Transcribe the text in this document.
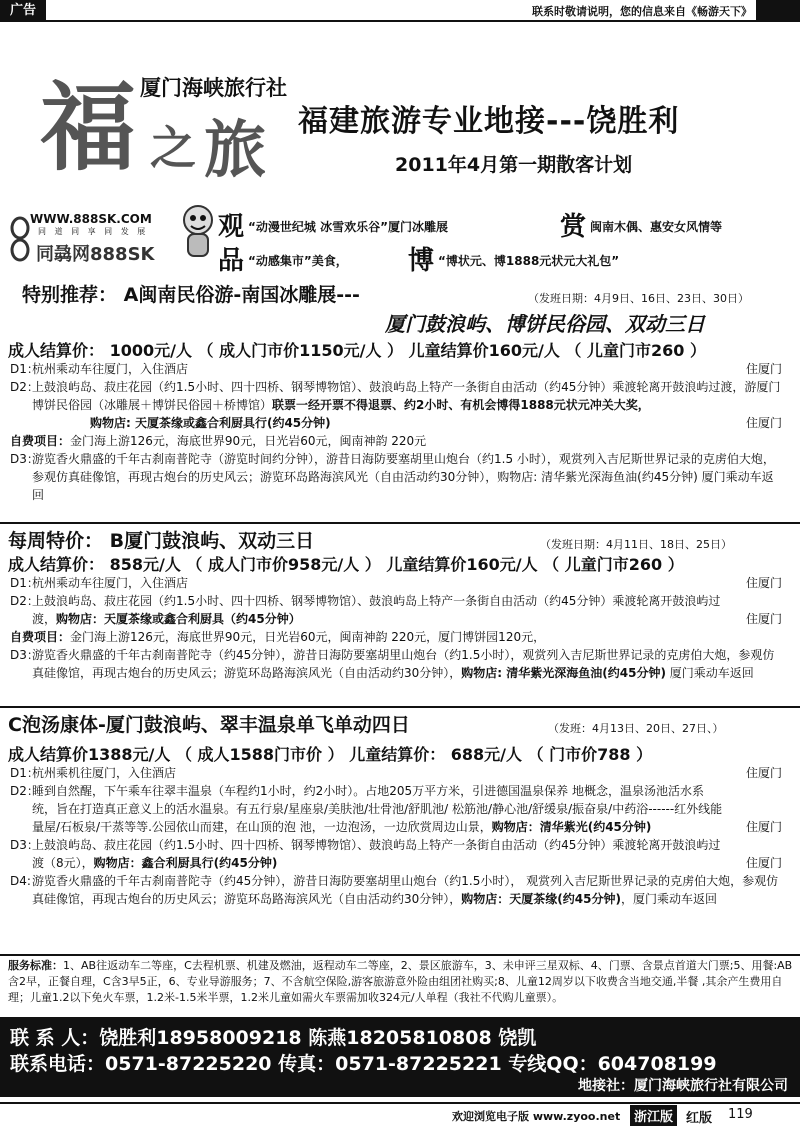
广告	联系时敬请说明，您的信息来自《畅游天下》
福 之 旅
厦门海峡旅行社
福建旅游专业地接---饶胜利
2011年4月第一期散客计划
WWW.888SK.COM
同 道 同 享 同 发 展
同骉网888SK
观 “动漫世纪城 冰雪欢乐谷”厦门冰雕展	赏闽南木偶、惠安女风情等
品 “动感集市”美食， 博 “博状元、博1888元状元大礼包”
特别推荐： A闽南民俗游-南国冰雕展---	（发班日期：4月9日、16日、23日、30日）
厦门鼓浪屿、博饼民俗园、双动三日
成人结算价： 1000元/人 （ 成人门市价1150元/人 ） 儿童结算价160元/人 （ 儿童门市260 ）
D1：
杭州乘动车往厦门，入住酒店	住厦门
D2：
上鼓浪屿岛、菽庄花园（约1.5小时、四十四桥、钢琴博物馆）、鼓浪屿岛上特产一条街自由活动（约45分钟）乘渡轮离开鼓浪屿过渡，游厦门博饼民俗园（冰雕展＋博饼民俗园＋桥博馆）联票一经开票不得退票、约2小时、有机会博得1888元状元冲关大奖，
购物店: 天厦茶缘或鑫合利厨具行(约45分钟)	住厦门
自费项目：金门海上游126元，海底世界90元，日光岩60元，闽南神韵 220元
D3：
游览香火鼎盛的千年古刹南普陀寺（游览时间约分钟），游昔日海防要塞胡里山炮台（约1.5 小时），观赏列入吉尼斯世界记录的克虏伯大炮，参观仿真硅像馆，再现古炮台的历史风云；游览环岛路海滨风光（自由活动约30分钟），购物店: 清华紫光深海鱼油(约45分钟) 厦门乘动车返回
每周特价： B厦门鼓浪屿、双动三日	（发班日期：4月11日、18日、25日）
成人结算价： 858元/人 （ 成人门市价958元/人 ） 儿童结算价160元/人 （ 儿童门市260 ）
D1：
杭州乘动车往厦门，入住酒店	住厦门
D2：
上鼓浪屿岛、菽庄花园（约1.5小时、四十四桥、钢琴博物馆）、鼓浪屿岛上特产一条街自由活动（约45分钟）乘渡轮离开鼓浪屿过渡，购物店：天厦茶缘或鑫合利厨具（约45分钟）	住厦门
自费项目：金门海上游126元，海底世界90元，日光岩60元，闽南神韵 220元，厦门博饼园120元，
D3：
游览香火鼎盛的千年古刹南普陀寺（约45分钟），游昔日海防要塞胡里山炮台（约1.5小时），观赏列入吉尼斯世界记录的克虏伯大炮，参观仿真硅像馆，再现古炮台的历史风云；游览环岛路海滨风光（自由活动约30分钟），购物店: 清华紫光深海鱼油(约45分钟) 厦门乘动车返回
C泡汤康体-厦门鼓浪屿、翠丰温泉单飞单动四日	（发班：4月13日、20日、27日、）
成人结算价1388元/人 （ 成人1588门市价 ） 儿童结算价： 688元/人 （ 门市价788 ）
D1：
杭州乘机往厦门，入住酒店	住厦门
D2：
睡到自然醒，下午乘车往翠丰温泉（车程约1小时，约2小时）。占地205万平方米，引进德国温泉保养 地概念，温泉汤池活水系统，旨在打造真正意义上的活水温泉。有五行泉/星座泉/美肤池/壮骨池/舒肌池/ 松筋池/静心池/舒缓泉/振奋泉/中药浴------红外线能量屋/石板泉/干蒸等等.公园依山而建，在山顶的泡 池，一边泡汤，一边欣赏周边山景，购物店：清华紫光(约45分钟)	住厦门
D3：
上鼓浪屿岛、菽庄花园（约1.5小时、四十四桥、钢琴博物馆）、鼓浪屿岛上特产一条街自由活动（约45分钟）乘渡轮离开鼓浪屿过渡（8元），购物店：鑫合利厨具行(约45分钟)	住厦门
D4: 游览香火鼎盛的千年古刹南普陀寺（约45分钟），游昔日海防要塞胡里山炮台（约1.5小时）， 观赏列入吉尼斯世界记录的克虏伯大炮，参观仿真硅像馆，再现古炮台的历史风云；游览环岛路海滨风光（自由活动约30分钟），购物店：天厦茶缘(约45分钟)，厦门乘动车返回
服务标准：1、AB往返动车二等座，C去程机票、机建及燃油，返程动车二等座，2、景区旅游车，3、未申评三星双标、4、门票、含景点首道大门票;5、用餐:AB含2早，正餐自理，C含3早5正，6、专业导游服务；7、不含航空保险,游客旅游意外险由组团社购买;8、儿童12周岁以下收费含当地交通,半餐 ,其余产生费用自理；儿童1.2以下免火车票，1.2米-1.5米半票，1.2米儿童如需火车票需加收324元/人单程（我社不代购儿童票）。
联 系 人：饶胜利18958009218 陈燕18205810808 饶凯
联系电话：0571-87225220 传真：0571-87225221 专线QQ：604708199
地接社：厦门海峡旅行社有限公司
欢迎浏览电子版 www.zyoo.net	浙江版 红版 119
